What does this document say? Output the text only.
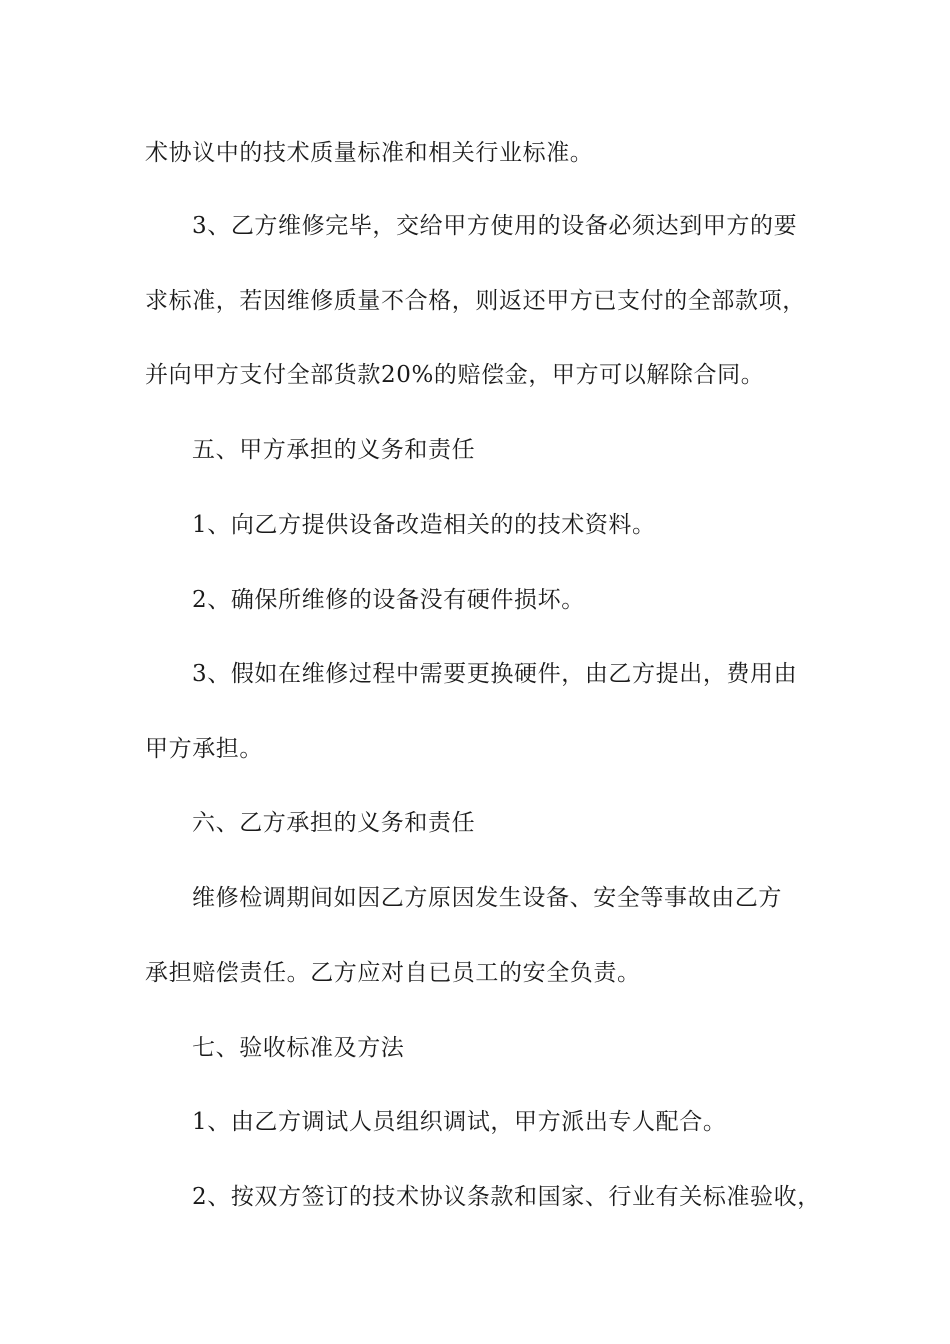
术协议中的技术质量标准和相关行业标准。
3、乙方维修完毕，交给甲方使用的设备必须达到甲方的要
求标准，若因维修质量不合格，则返还甲方已支付的全部款项，
并向甲方支付全部货款20%的赔偿金，甲方可以解除合同。
五、甲方承担的义务和责任
1、向乙方提供设备改造相关的的技术资料。
2、确保所维修的设备没有硬件损坏。
3、假如在维修过程中需要更换硬件，由乙方提出，费用由
甲方承担。
六、乙方承担的义务和责任
维修检调期间如因乙方原因发生设备、安全等事故由乙方
承担赔偿责任。乙方应对自已员工的安全负责。
七、验收标准及方法
1、由乙方调试人员组织调试，甲方派出专人配合。
2、按双方签订的技术协议条款和国家、行业有关标准验收，
